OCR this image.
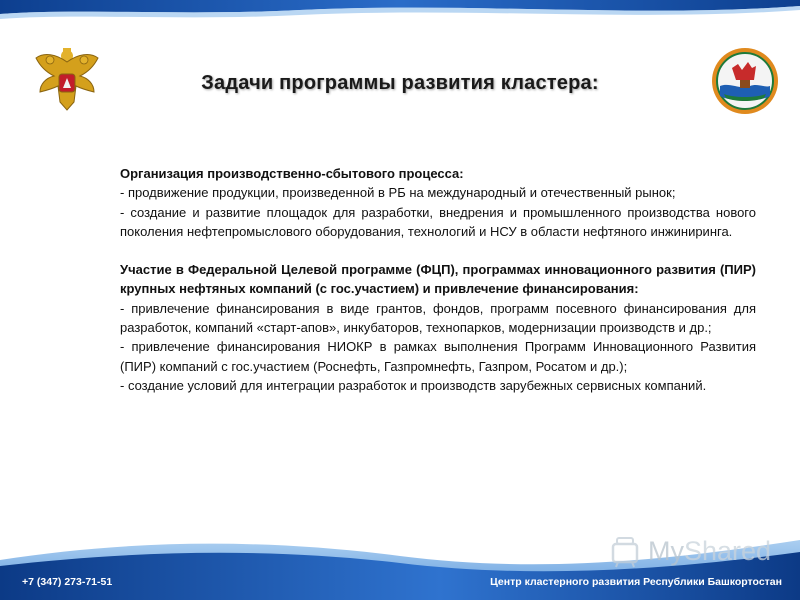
Задачи программы развития кластера:

Организация производственно-сбытового процесса:

- продвижение продукции, произведенной в РБ на международный и отечественный рынок;

- создание и развитие площадок для разработки, внедрения и промышленного производства нового поколения нефтепромыслового оборудования, технологий и НСУ в области нефтяного инжиниринга.

Участие в Федеральной Целевой программе (ФЦП), программах инновационного развития (ПИР) крупных нефтяных компаний (с гос.участием) и привлечение финансирования:

- привлечение финансирования в виде грантов, фондов, программ посевного финансирования для разработок, компаний «старт-апов», инкубаторов, технопарков, модернизации производств и др.;

- привлечение финансирования НИОКР в рамках выполнения Программ Инновационного Развития (ПИР) компаний с гос.участием (Роснефть, Газпромнефть, Газпром, Росатом и др.);

- создание условий для интеграции разработок и производств зарубежных сервисных компаний.

MyShared
+7 (347) 273-71-51	Центр кластерного развития Республики Башкортостан
